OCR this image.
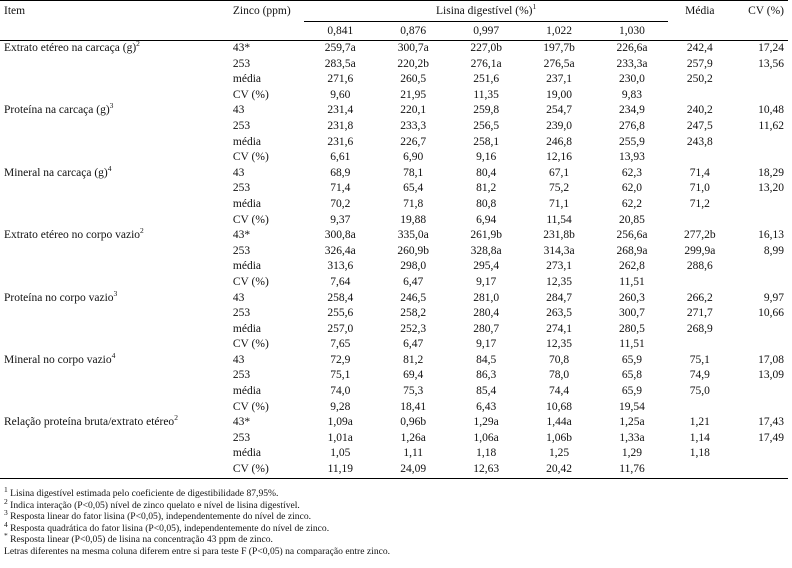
Item	Zinco (ppm)	Lisina digestível (%)$^1$					Média	CV (%)
		0,841	0,876	0,997	1,022	1,030		
Extrato etéreo na carcaça $(g)^2$	43*	259,7a	300,7a	227,0b	197,7b	226,6a	242,4	17,24
	253	283,5a	220,2b	276,1a	276,5a	233,3a	257,9	13,56
	média	271,6	260,5	251,6	237,1	230,0	250,2	
	CV (%)	9,60	21,95	11,35	19,00	9,83		
Proteína na carcaça $(g)^3$	43	231,4	220,1	259,8	254,7	234,9	240,2	10,48
	253	231,8	233,3	256,5	239,0	276,8	247,5	11,62
	média	231,6	226,7	258,1	246,8	255,9	243,8	
	CV (%)	6,61	6,90	9,16	12,16	13,93		
Mineral na carcaça $(g)^4$	43	68,9	78,1	80,4	67,1	62,3	71,4	18,29
	253	71,4	65,4	81,2	75,2	62,0	71,0	13,20
	média	70,2	71,8	80,8	71,1	62,2	71,2	
	CV (%)	9,37	19,88	6,94	11,54	20,85		
Extrato etéreo no corpo vazio$^2$	43*	300,8a	335,0a	261,9b	231,8b	256,6a	277,2b	16,13
	253	326,4a	260,9b	328,8a	314,3a	268,9a	299,9a	8,99
	média	313,6	298,0	295,4	273,1	262,8	288,6	
	CV (%)	7,64	6,47	9,17	12,35	11,51		
Proteína no corpo vazio$^3$	43	258,4	246,5	281,0	284,7	260,3	266,2	9,97
	253	255,6	258,2	280,4	263,5	300,7	271,7	10,66
	média	257,0	252,3	280,7	274,1	280,5	268,9	
	CV (%)	7,65	6,47	9,17	12,35	11,51		
Mineral no corpo vazio$^4$	43	72,9	81,2	84,5	70,8	65,9	75,1	17,08
	253	75,1	69,4	86,3	78,0	65,8	74,9	13,09
	média	74,0	75,3	85,4	74,4	65,9	75,0	
	CV (%)	9,28	18,41	6,43	10,68	19,54		
Relação proteína bruta/extrato etéreo$^2$	43*	1,09a	0,96b	1,29a	1,44a	1,25a	1,21	17,43
	253	1,01a	1,26a	1,06a	1,06b	1,33a	1,14	17,49
	média	1,05	1,11	1,18	1,25	1,29	1,18	
	CV (%)	11,19	24,09	12,63	20,42	11,76		
$^1$ Lisina digestível estimada pelo coeficiente de digestibilidade 87,95%.
$^2$ Indica interação (P<0,05) nível de zinco quelato e nível de lisina digestível.
$^3$ Resposta linear do fator lisina (P<0,05), independentemente do nível de zinco.
$^4$ Resposta quadrática do fator lisina (P<0,05), independentemente do nível de zinco.
* Resposta linear (P<0,05) de lisina na concentração 43 ppm de zinco.
Letras diferentes na mesma coluna diferem entre si para teste F (P<0,05) na comparação entre zinco.
